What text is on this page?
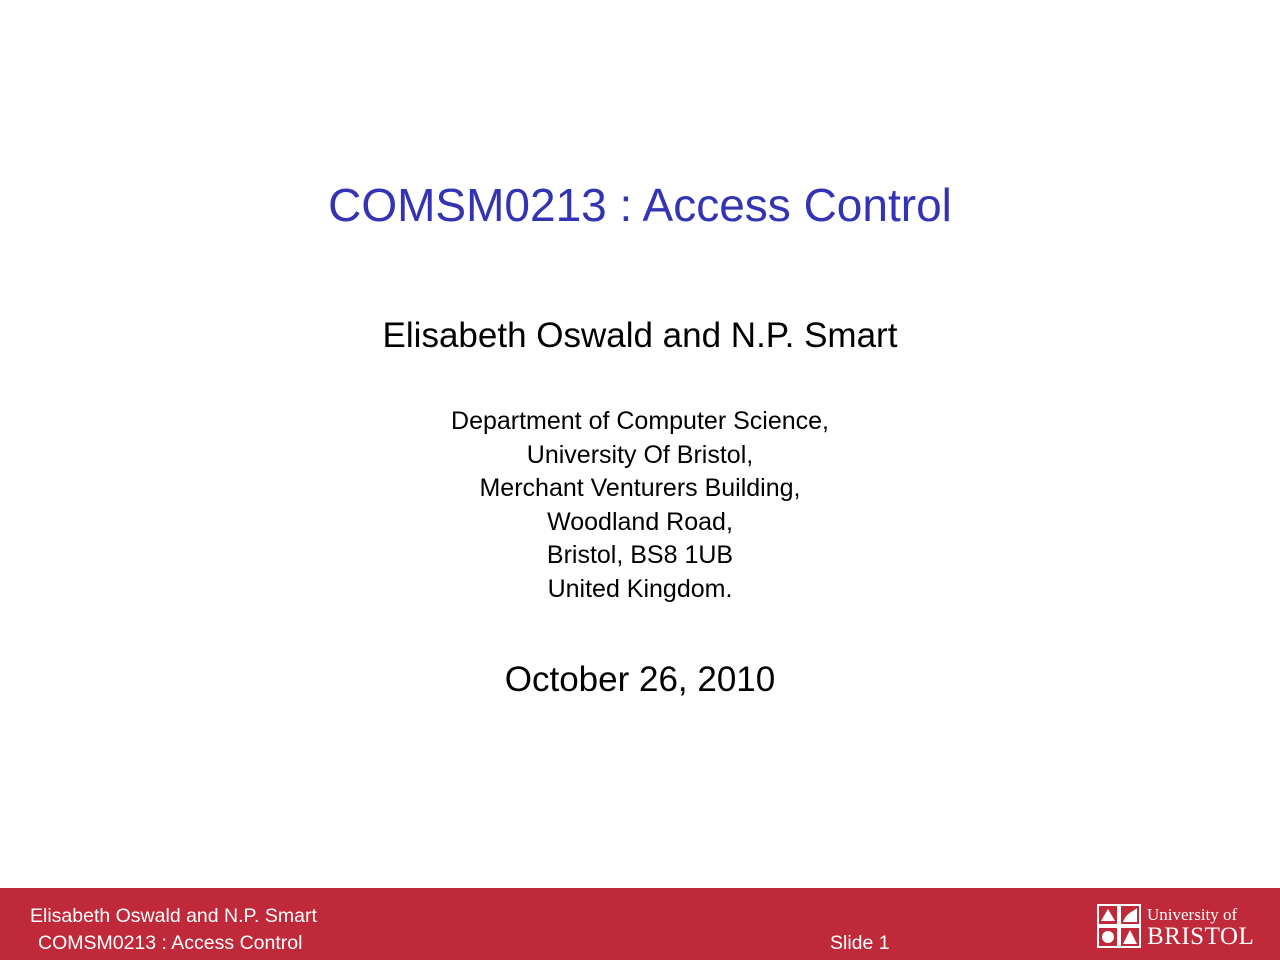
COMSM0213 : Access Control
Elisabeth Oswald and N.P. Smart
Department of Computer Science,
University Of Bristol,
Merchant Venturers Building,
Woodland Road,
Bristol, BS8 1UB
United Kingdom.
October 26, 2010
Elisabeth Oswald and N.P. Smart
COMSM0213 : Access Control	Slide 1
University of
BRISTOL
